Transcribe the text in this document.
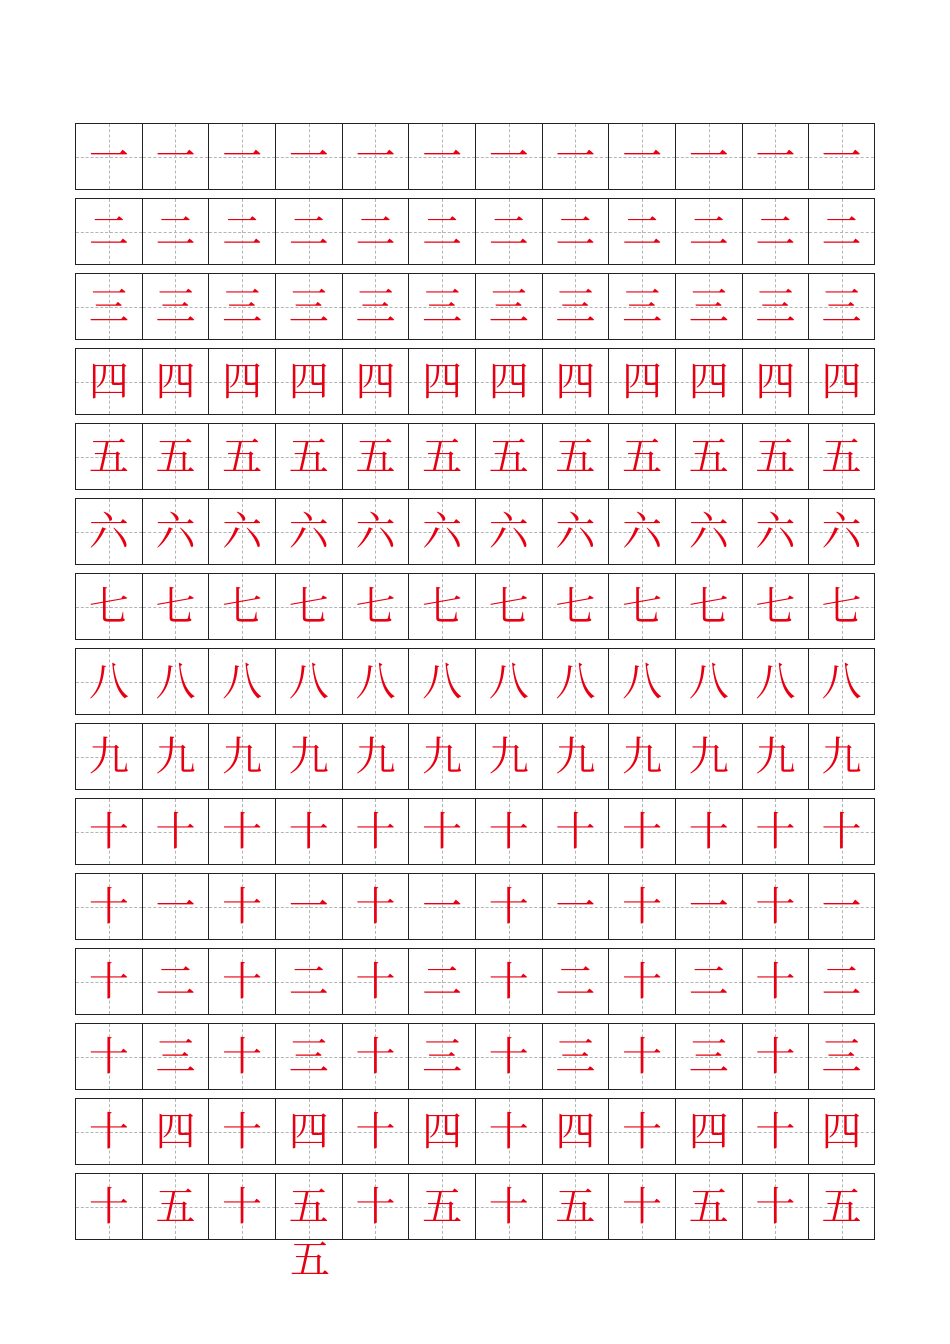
一 一 一 一 一 一 一 一 一 一 一 一
二 二 二 二 二 二 二 二 二 二 二 二
三 三 三 三 三 三 三 三 三 三 三 三
四 四 四 四 四 四 四 四 四 四 四 四
五 五 五 五 五 五 五 五 五 五 五 五
六 六 六 六 六 六 六 六 六 六 六 六
七 七 七 七 七 七 七 七 七 七 七 七
八 八 八 八 八 八 八 八 八 八 八 八
九 九 九 九 九 九 九 九 九 九 九 九
十 十 十 十 十 十 十 十 十 十 十 十
十 一 十 一 十 一 十 一 十 一 十 一
十 二 十 二 十 二 十 二 十 二 十 二
十 三 十 三 十 三 十 三 十 三 十 三
十 四 十 四 十 四 十 四 十 四 十 四
十 五 十 五 十 五 十 五 十 五 十 五
五
